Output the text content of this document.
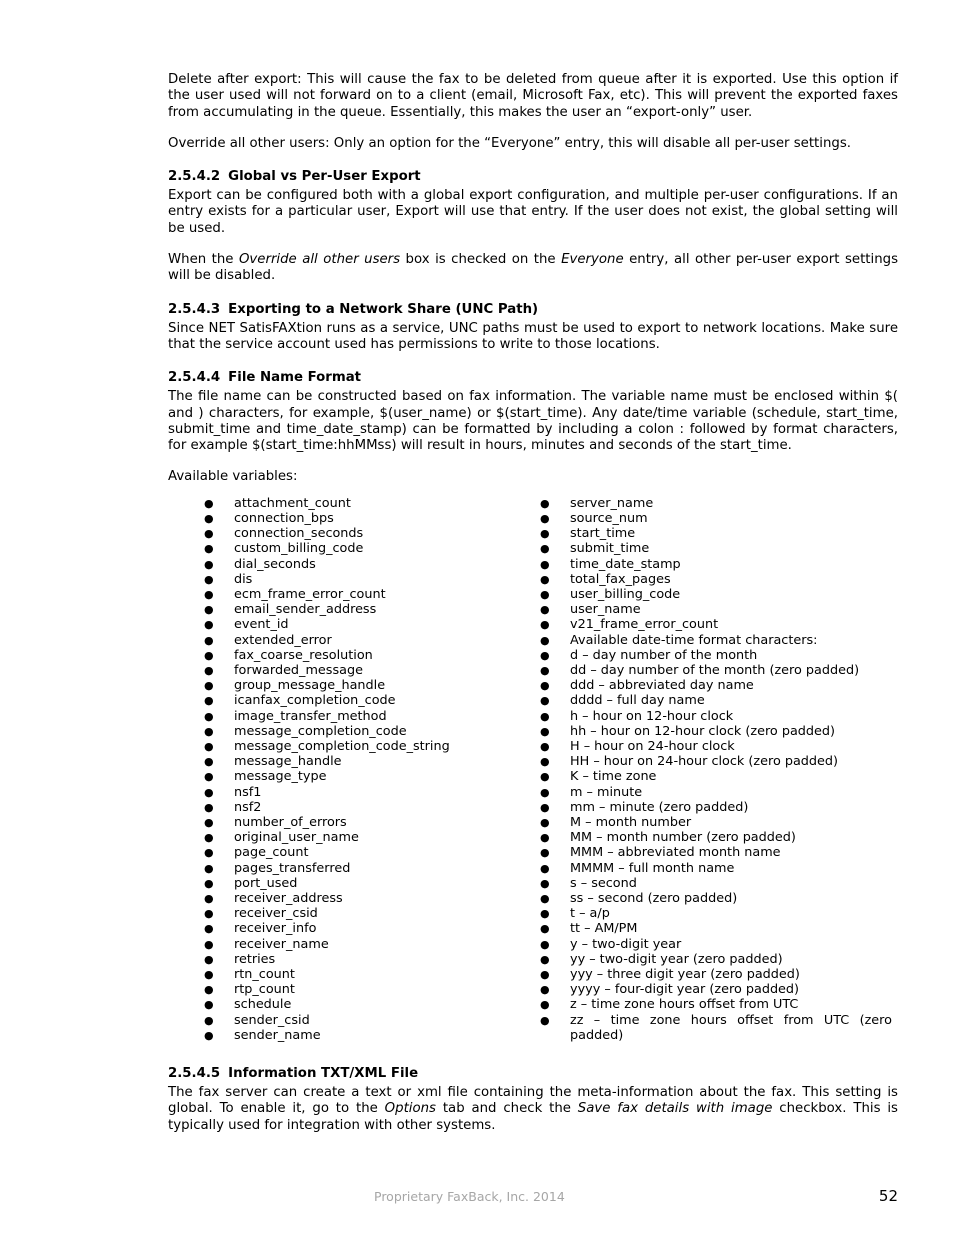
Delete after export: This will cause the fax to be deleted from queue after it is exported. Use this option if the user used will not forward on to a client (email, Microsoft Fax, etc). This will prevent the exported faxes from accumulating in the queue. Essentially, this makes the user an “export-only” user.

Override all other users: Only an option for the “Everyone” entry, this will disable all per-user settings.

2.5.4.2 Global vs Per-User Export

Export can be configured both with a global export configuration, and multiple per-user configurations. If an entry exists for a particular user, Export will use that entry. If the user does not exist, the global setting will be used.

When the Override all other users box is checked on the Everyone entry, all other per-user export settings will be disabled.

2.5.4.3 Exporting to a Network Share (UNC Path)

Since NET SatisFAXtion runs as a service, UNC paths must be used to export to network locations. Make sure that the service account used has permissions to write to those locations.

2.5.4.4 File Name Format

The file name can be constructed based on fax information. The variable name must be enclosed within $( and ) characters, for example, $(user_name) or $(start_time). Any date/time variable (schedule, start_time, submit_time and time_date_stamp) can be formatted by including a colon : followed by format characters, for example $(start_time:hhMMss) will result in hours, minutes and seconds of the start_time.

Available variables:

● attachment_count
● connection_bps
● connection_seconds
● custom_billing_code
● dial_seconds
● dis
● ecm_frame_error_count
● email_sender_address
● event_id
● extended_error
● fax_coarse_resolution
● forwarded_message
● group_message_handle
● icanfax_completion_code
● image_transfer_method
● message_completion_code
● message_completion_code_string
● message_handle
● message_type
● nsf1
● nsf2
● number_of_errors
● original_user_name
● page_count
● pages_transferred
● port_used
● receiver_address
● receiver_csid
● receiver_info
● receiver_name
● retries
● rtn_count
● rtp_count
● schedule
● sender_csid
● sender_name
● server_name
● source_num
● start_time
● submit_time
● time_date_stamp
● total_fax_pages
● user_billing_code
● user_name
● v21_frame_error_count
● Available date-time format characters:
● d – day number of the month
● dd – day number of the month (zero padded)
● ddd – abbreviated day name
● dddd – full day name
● h – hour on 12-hour clock
● hh – hour on 12-hour clock (zero padded)
● H – hour on 24-hour clock
● HH – hour on 24-hour clock (zero padded)
● K – time zone
● m – minute
● mm – minute (zero padded)
● M – month number
● MM – month number (zero padded)
● MMM – abbreviated month name
● MMMM – full month name
● s – second
● ss – second (zero padded)
● t – a/p
● tt – AM/PM
● y – two-digit year
● yy – two-digit year (zero padded)
● yyy – three digit year (zero padded)
● yyyy – four-digit year (zero padded)
● z – time zone hours offset from UTC
● zz – time zone hours offset from UTC (zero padded)
2.5.4.5 Information TXT/XML File

The fax server can create a text or xml file containing the meta-information about the fax. This setting is global. To enable it, go to the Options tab and check the Save fax details with image checkbox. This is typically used for integration with other systems.

Proprietary FaxBack, Inc. 2014	52
